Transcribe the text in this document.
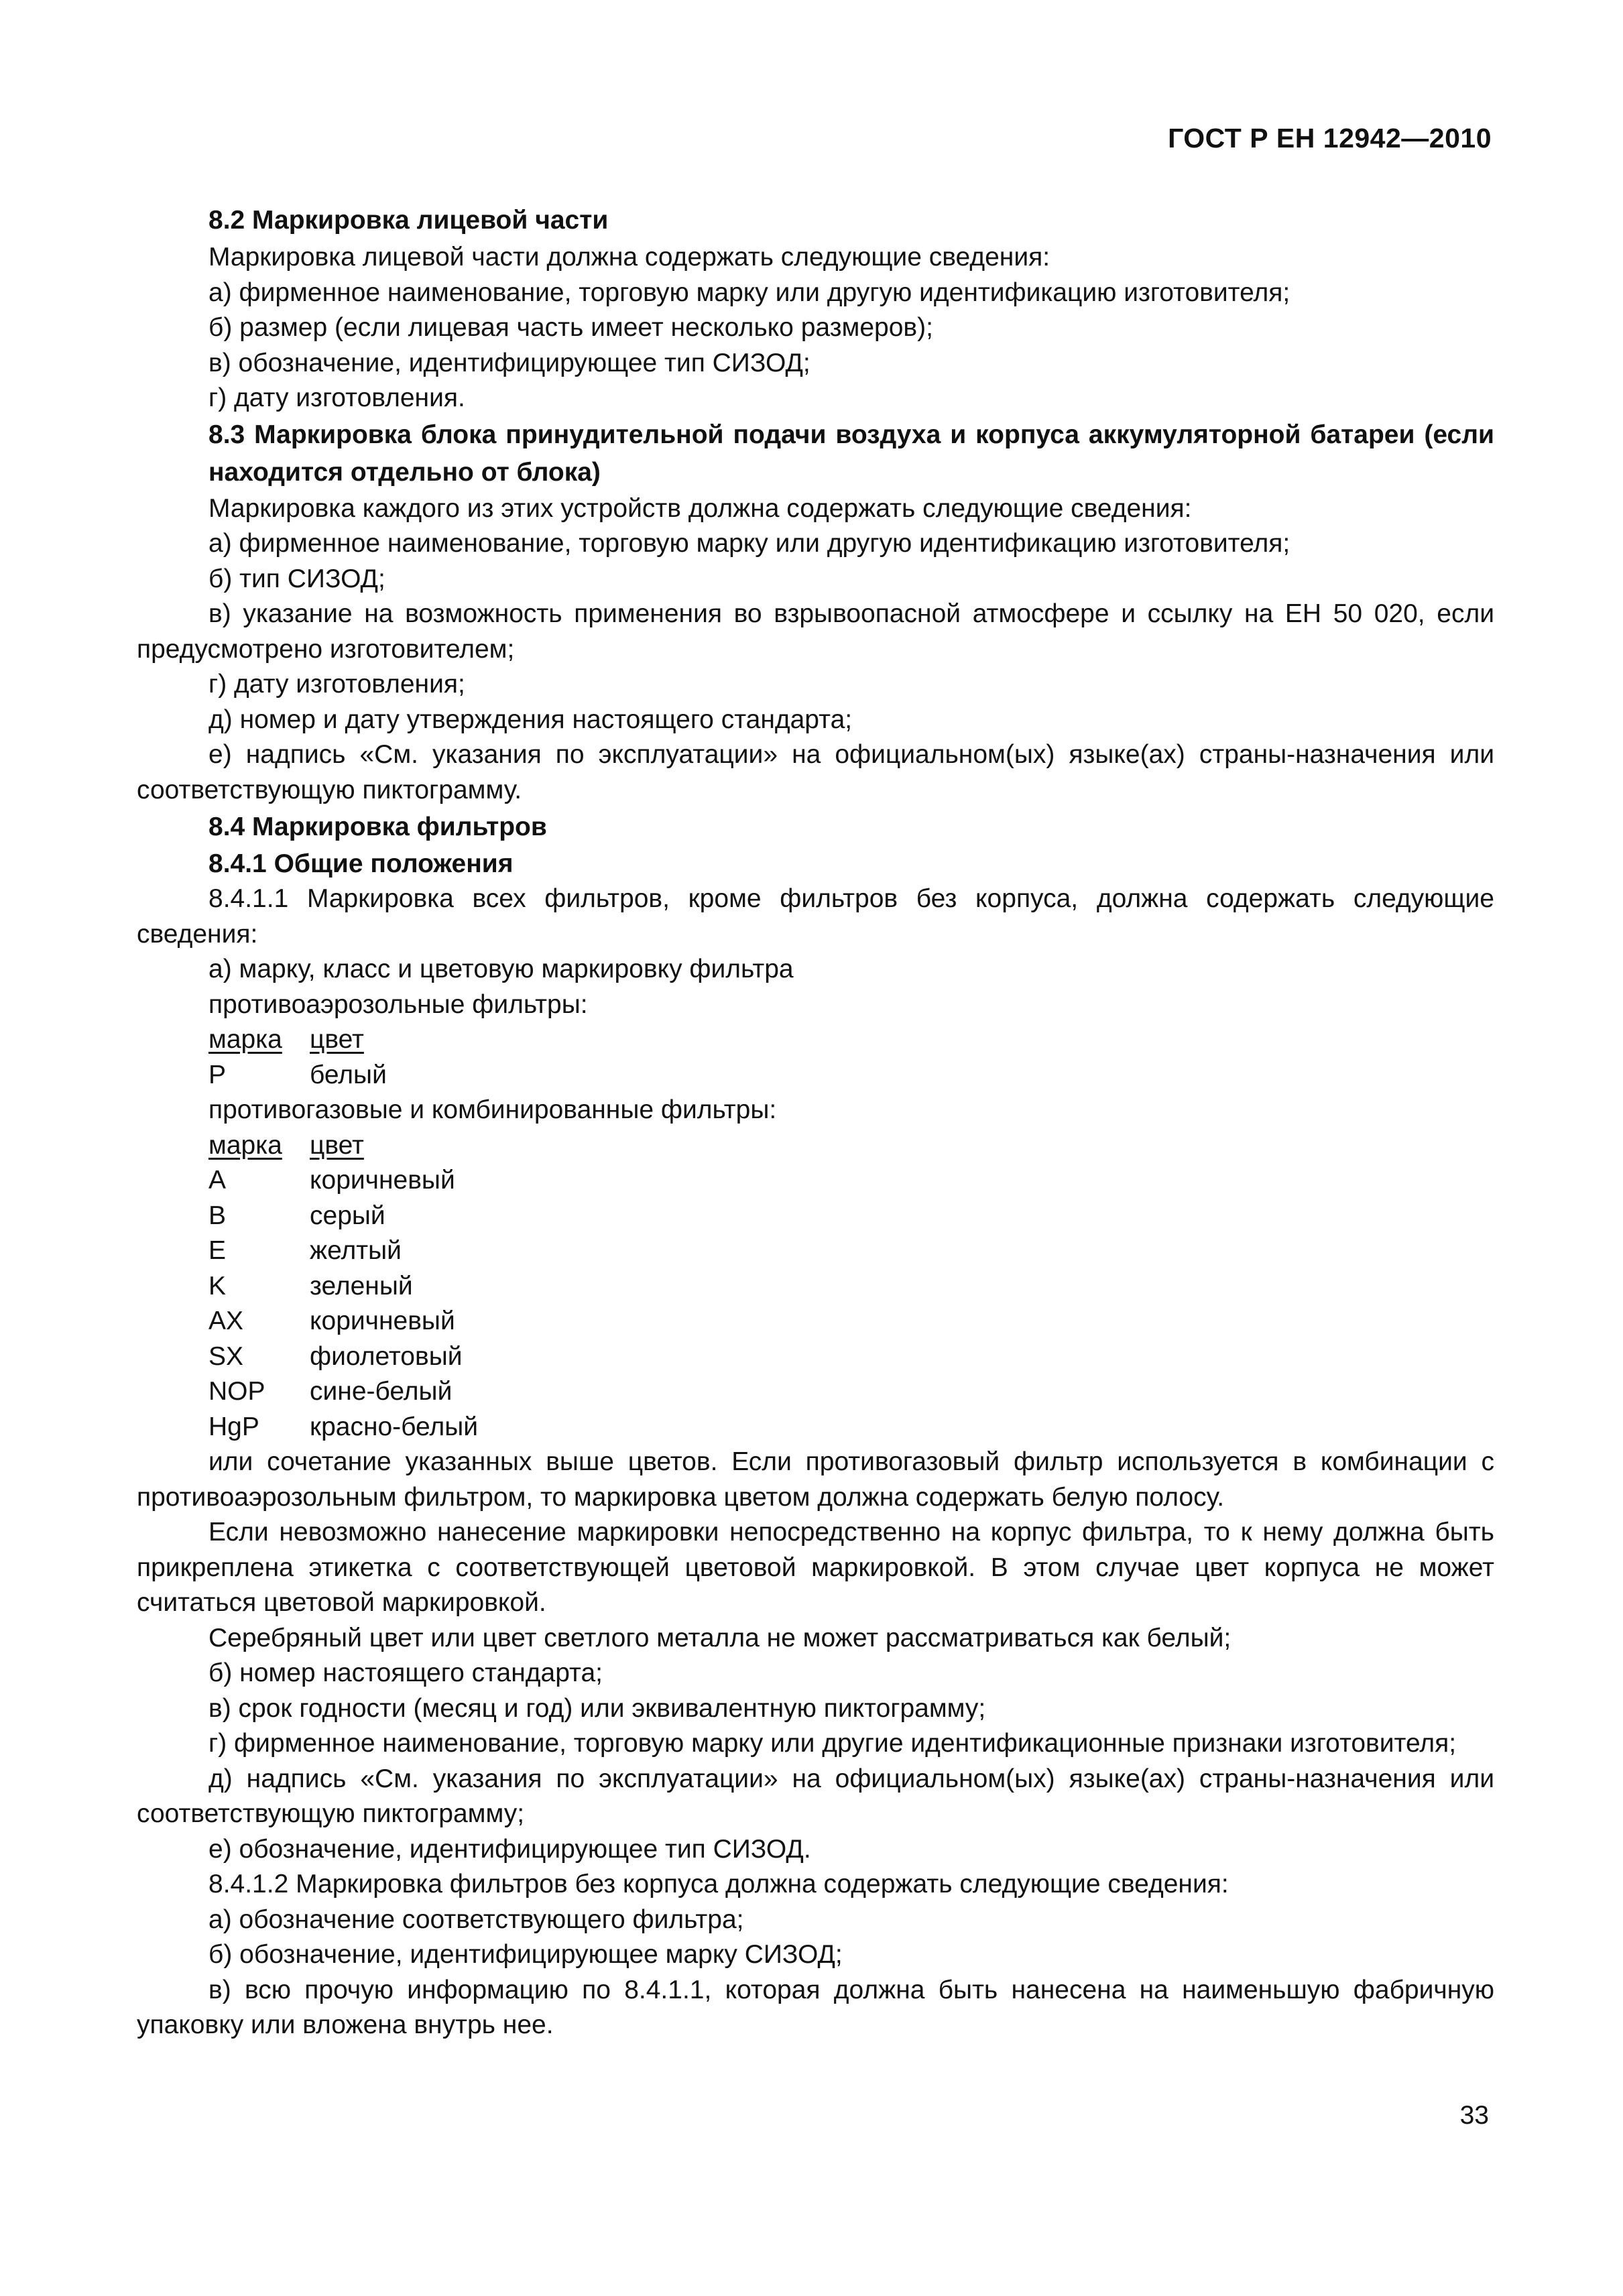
ГОСТ Р ЕН 12942—2010

8.2 Маркировка лицевой части

Маркировка лицевой части должна содержать следующие сведения:

а) фирменное наименование, торговую марку или другую идентификацию изготовителя;

б) размер (если лицевая часть имеет несколько размеров);

в) обозначение, идентифицирующее тип СИЗОД;

г) дату изготовления.

8.3 Маркировка блока принудительной подачи воздуха и корпуса аккумуляторной батареи (если находится отдельно от блока)

Маркировка каждого из этих устройств должна содержать следующие сведения:

а) фирменное наименование, торговую марку или другую идентификацию изготовителя;

б) тип СИЗОД;

в) указание на возможность применения во взрывоопасной атмосфере и ссылку на ЕН 50 020, если предусмотрено изготовителем;

г) дату изготовления;

д) номер и дату утверждения настоящего стандарта;

е) надпись «См. указания по эксплуатации» на официальном(ых) языке(ах) страны-назначения или соответствующую пиктограмму.

8.4 Маркировка фильтров

8.4.1 Общие положения

8.4.1.1 Маркировка всех фильтров, кроме фильтров без корпуса, должна содержать следующие сведения:

а) марку, класс и цветовую маркировку фильтра

противоаэрозольные фильтры:

марка	цвет
P	белый

противогазовые и комбинированные фильтры:

марка	цвет
A	коричневый
B	серый
E	желтый
K	зеленый
AX	коричневый
SX	фиолетовый
NOP	сине-белый
HgP	красно-белый

или сочетание указанных выше цветов. Если противогазовый фильтр используется в комбинации с противоаэрозольным фильтром, то маркировка цветом должна содержать белую полосу.

Если невозможно нанесение маркировки непосредственно на корпус фильтра, то к нему должна быть прикреплена этикетка с соответствующей цветовой маркировкой. В этом случае цвет корпуса не может считаться цветовой маркировкой.

Серебряный цвет или цвет светлого металла не может рассматриваться как белый;

б) номер настоящего стандарта;

в) срок годности (месяц и год) или эквивалентную пиктограмму;

г) фирменное наименование, торговую марку или другие идентификационные признаки изготовителя;

д) надпись «См. указания по эксплуатации» на официальном(ых) языке(ах) страны-назначения или соответствующую пиктограмму;

е) обозначение, идентифицирующее тип СИЗОД.

8.4.1.2 Маркировка фильтров без корпуса должна содержать следующие сведения:

а) обозначение соответствующего фильтра;

б) обозначение, идентифицирующее марку СИЗОД;

в) всю прочую информацию по 8.4.1.1, которая должна быть нанесена на наименьшую фабричную упаковку или вложена внутрь нее.

33
